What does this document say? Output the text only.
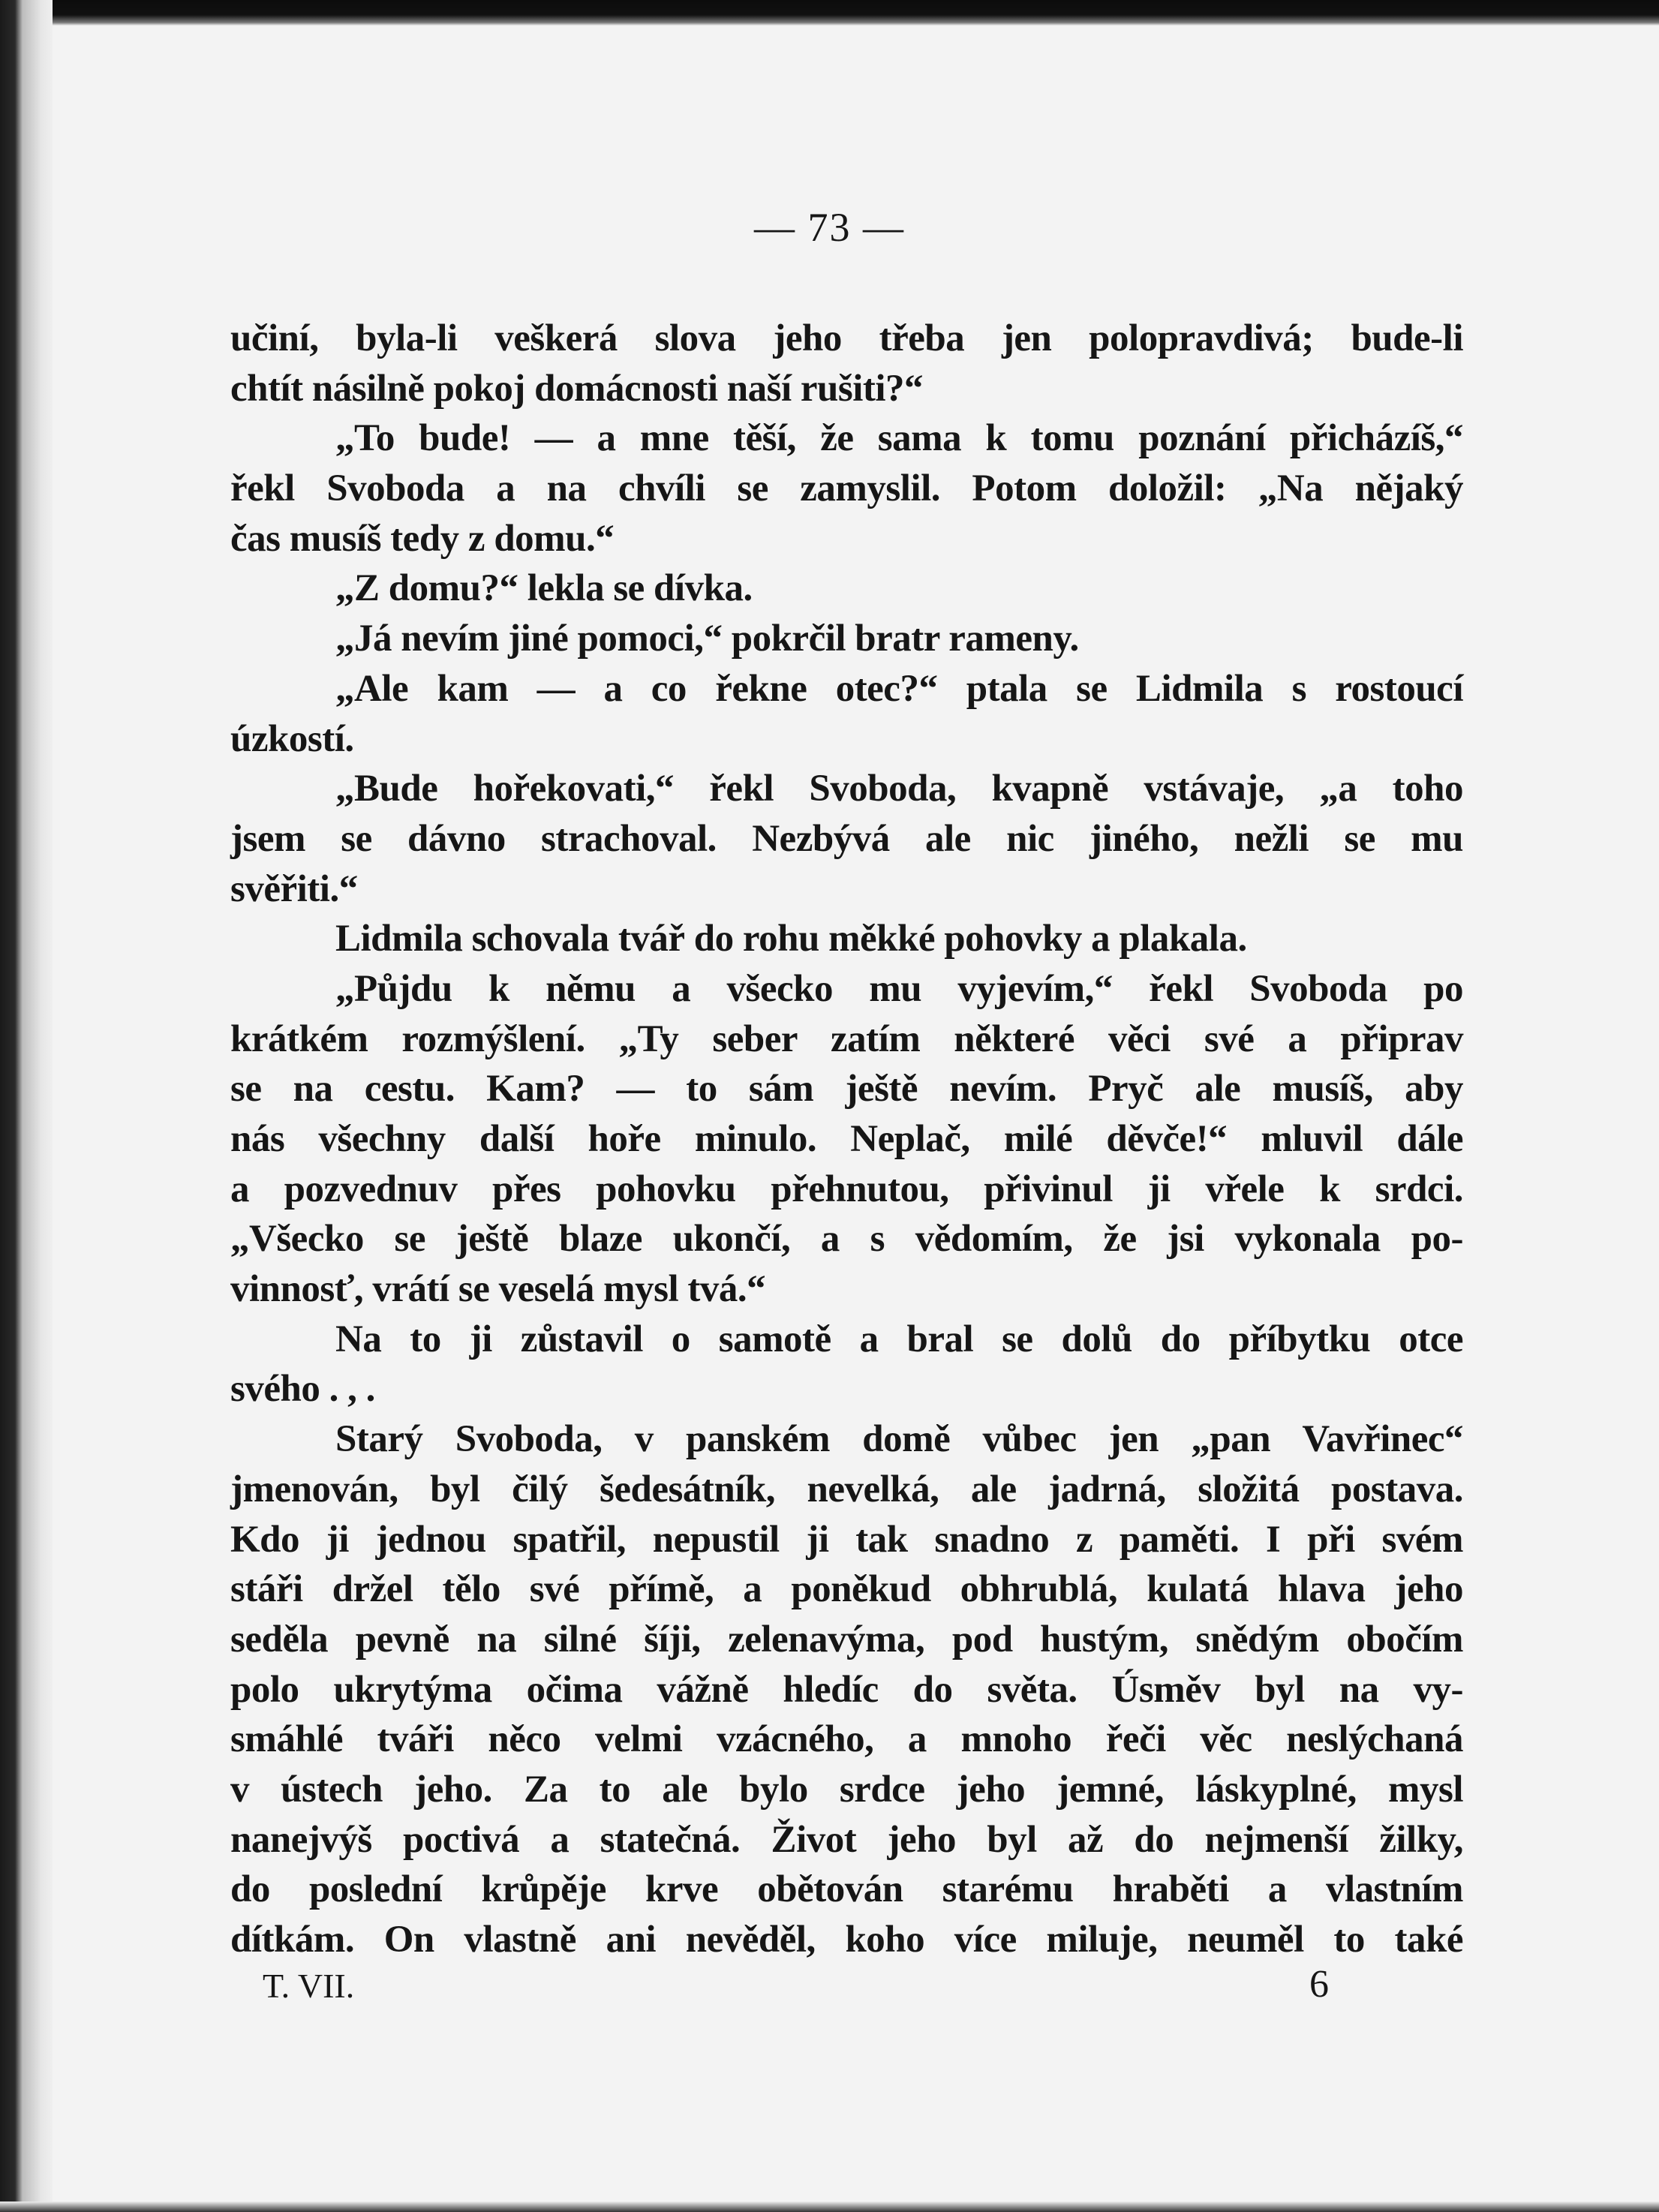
— 73 —
učiní, byla-li veškerá slova jeho třeba jen polopravdivá; bude-li
chtít násilně pokoj domácnosti naší rušiti?“
„To bude! — a mne těší, že sama k tomu poznání přicházíš,“
řekl Svoboda a na chvíli se zamyslil. Potom doložil: „Na nějaký
čas musíš tedy z domu.“
„Z domu?“ lekla se dívka.
„Já nevím jiné pomoci,“ pokrčil bratr rameny.
„Ale kam — a co řekne otec?“ ptala se Lidmila s rostoucí
úzkostí.
„Bude hořekovati,“ řekl Svoboda, kvapně vstávaje, „a toho
jsem se dávno strachoval. Nezbývá ale nic jiného, nežli se mu
svěřiti.“
Lidmila schovala tvář do rohu měkké pohovky a plakala.
„Půjdu k němu a všecko mu vyjevím,“ řekl Svoboda po
krátkém rozmýšlení. „Ty seber zatím některé věci své a připrav
se na cestu. Kam? — to sám ještě nevím. Pryč ale musíš, aby
nás všechny další hoře minulo. Neplač, milé děvče!“ mluvil dále
a pozvednuv přes pohovku přehnutou, přivinul ji vřele k srdci.
„Všecko se ještě blaze ukončí, a s vědomím, že jsi vykonala po-
vinnosť, vrátí se veselá mysl tvá.“
Na to ji zůstavil o samotě a bral se dolů do příbytku otce
svého . , .
Starý Svoboda, v panském domě vůbec jen „pan Vavřinec“
jmenován, byl čilý šedesátník, nevelká, ale jadrná, složitá postava.
Kdo ji jednou spatřil, nepustil ji tak snadno z paměti. I při svém
stáři držel tělo své přímě, a poněkud obhrublá, kulatá hlava jeho
seděla pevně na silné šíji, zelenavýma, pod hustým, snědým obočím
polo ukrytýma očima vážně hledíc do světa. Úsměv byl na vy-
smáhlé tváři něco velmi vzácného, a mnoho řeči věc neslýchaná
v ústech jeho. Za to ale bylo srdce jeho jemné, láskyplné, mysl
nanejvýš poctivá a statečná. Život jeho byl až do nejmenší žilky,
do poslední krůpěje krve obětován starému hraběti a vlastním
dítkám. On vlastně ani nevěděl, koho více miluje, neuměl to také
T. VII.	6
